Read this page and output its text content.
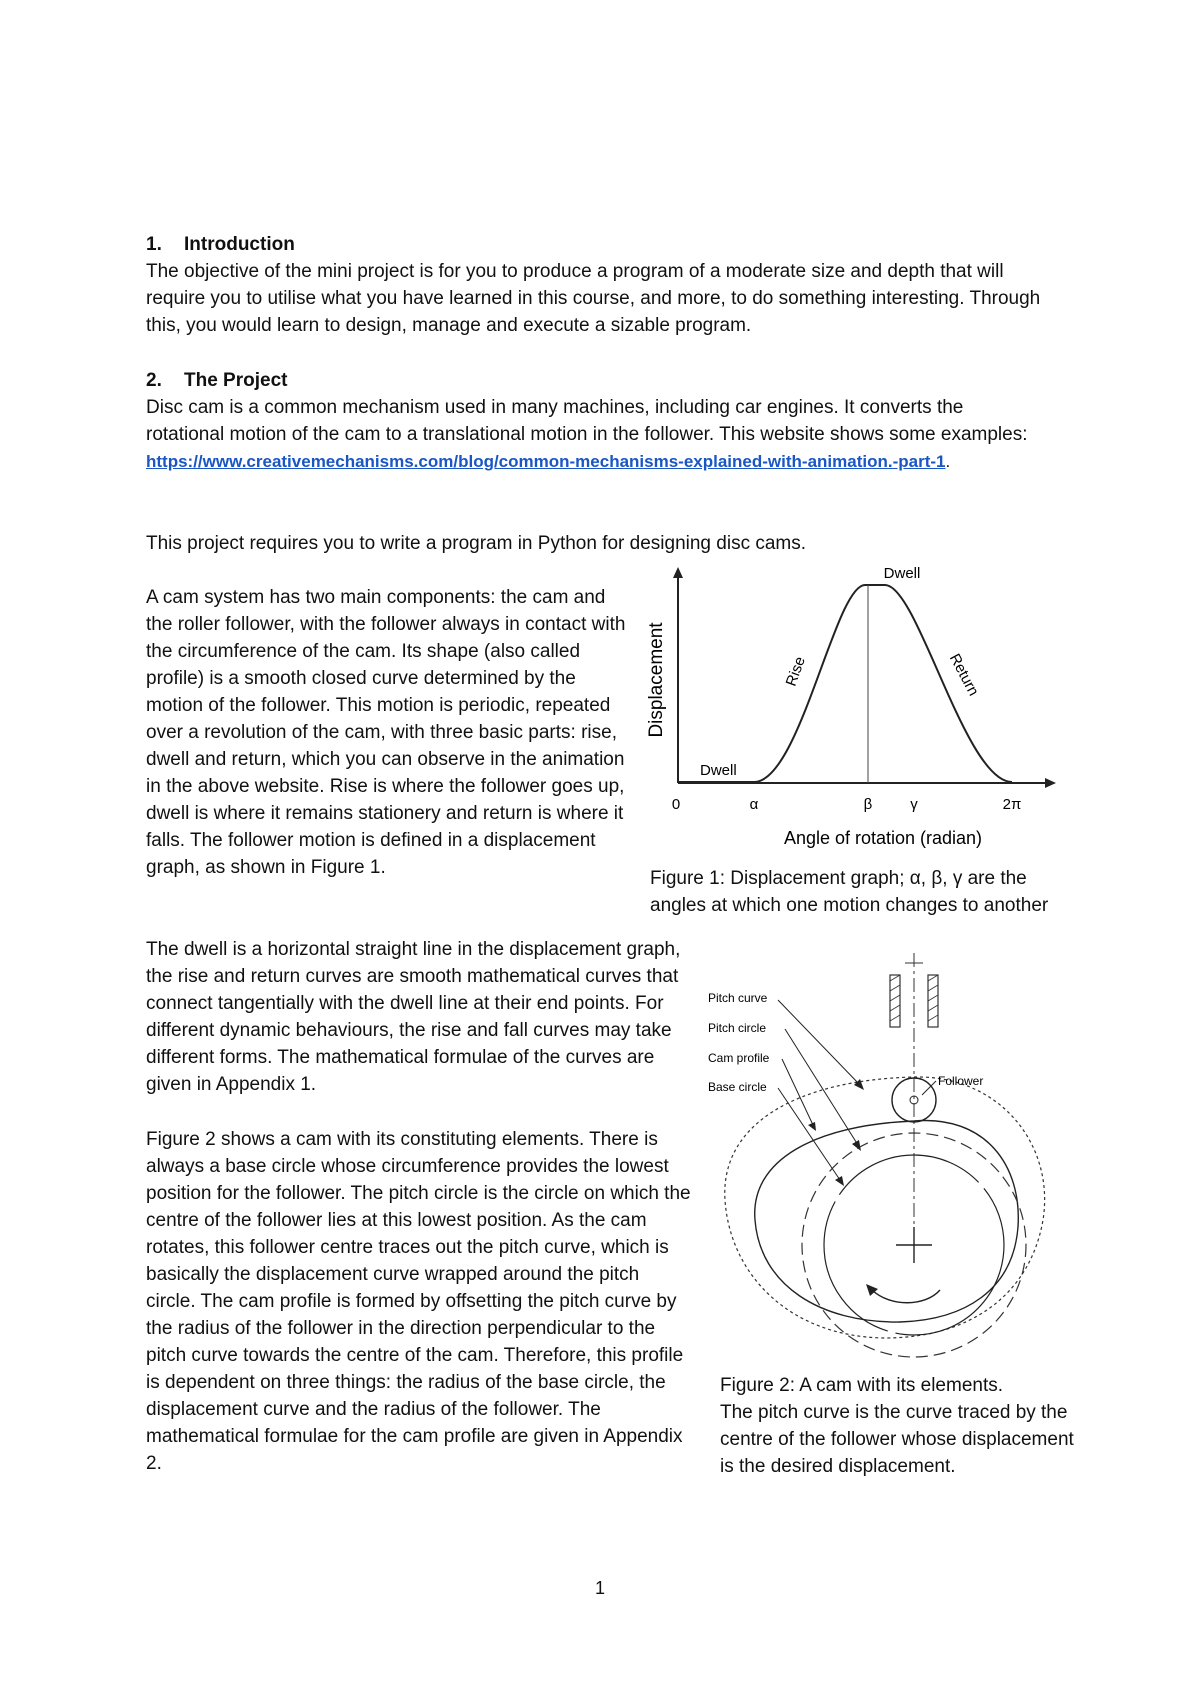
1.	Introduction

The objective of the mini project is for you to produce a program of a moderate size and depth that will require you to utilise what you have learned in this course, and more, to do something interesting. Through this, you would learn to design, manage and execute a sizable program.

2.	The Project

Disc cam is a common mechanism used in many machines, including car engines. It converts the rotational motion of the cam to a translational motion in the follower. This website shows some examples:

https://www.creativemechanisms.com/blog/common-mechanisms-explained-with-animation.-part-1.

This project requires you to write a program in Python for designing disc cams.

A cam system has two main components: the cam and the roller follower, with the follower always in contact with the circumference of the cam. Its shape (also called profile) is a smooth closed curve determined by the motion of the follower. This motion is periodic, repeated over a revolution of the cam, with three basic parts: rise, dwell and return, which you can observe in the animation in the above website. Rise is where the follower goes up, dwell is where it remains stationery and return is where it falls. The follower motion is defined in a displacement graph, as shown in Figure 1.

The dwell is a horizontal straight line in the displacement graph, the rise and return curves are smooth mathematical curves that connect tangentially with the dwell line at their end points. For different dynamic behaviours, the rise and fall curves may take different forms. The mathematical formulae of the curves are given in Appendix 1.

Figure 2 shows a cam with its constituting elements. There is always a base circle whose circumference provides the lowest position for the follower. The pitch circle is the circle on which the centre of the follower lies at this lowest position. As the cam rotates, this follower centre traces out the pitch curve, which is basically the displacement curve wrapped around the pitch circle. The cam profile is formed by offsetting the pitch curve by the radius of the follower in the direction perpendicular to the pitch curve towards the centre of the cam. Therefore, this profile is dependent on three things: the radius of the base circle, the displacement curve and the radius of the follower. The mathematical formulae for the cam profile are given in Appendix 2.

Displacement
Dwell
Dwell
Rise	Return
0	α	β	γ	2π
Angle of rotation (radian)
Figure 1: Displacement graph; α, β, γ are the
angles at which one motion changes to another
Pitch curve
Pitch circle
Cam profile
Base circle	Follower
Figure 2: A cam with its elements.
The pitch curve is the curve traced by the centre of the follower whose displacement is the desired displacement.
1
